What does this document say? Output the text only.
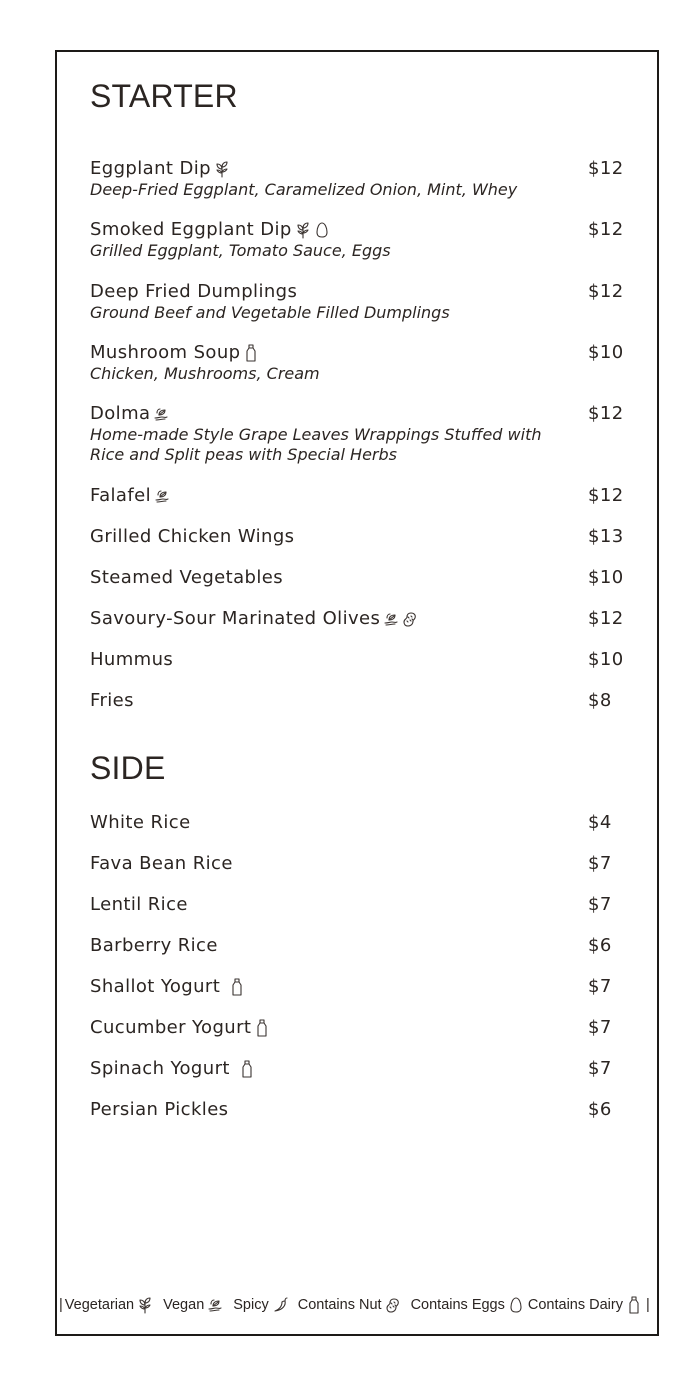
STARTER
Eggplant Dip	$12
Deep-Fried Eggplant, Caramelized Onion, Mint, Whey
Smoked Eggplant Dip	$12
Grilled Eggplant, Tomato Sauce, Eggs
Deep Fried Dumplings	$12
Ground Beef and Vegetable Filled Dumplings
Mushroom Soup	$10
Chicken, Mushrooms, Cream
Dolma	$12
Home-made Style Grape Leaves Wrappings Stuffed with Rice and Split peas with Special Herbs
Falafel	$12
Grilled Chicken Wings	$13
Steamed Vegetables	$10
Savoury-Sour Marinated Olives	$12
Hummus	$10
Fries	$8
SIDE
White Rice	$4
Fava Bean Rice	$7
Lentil Rice	$7
Barberry Rice	$6
Shallot Yogurt	$7
Cucumber Yogurt	$7
Spinach Yogurt	$7
Persian Pickles	$6
| Vegetarian Vegan Spicy Contains Nut Contains Eggs Contains Dairy |
